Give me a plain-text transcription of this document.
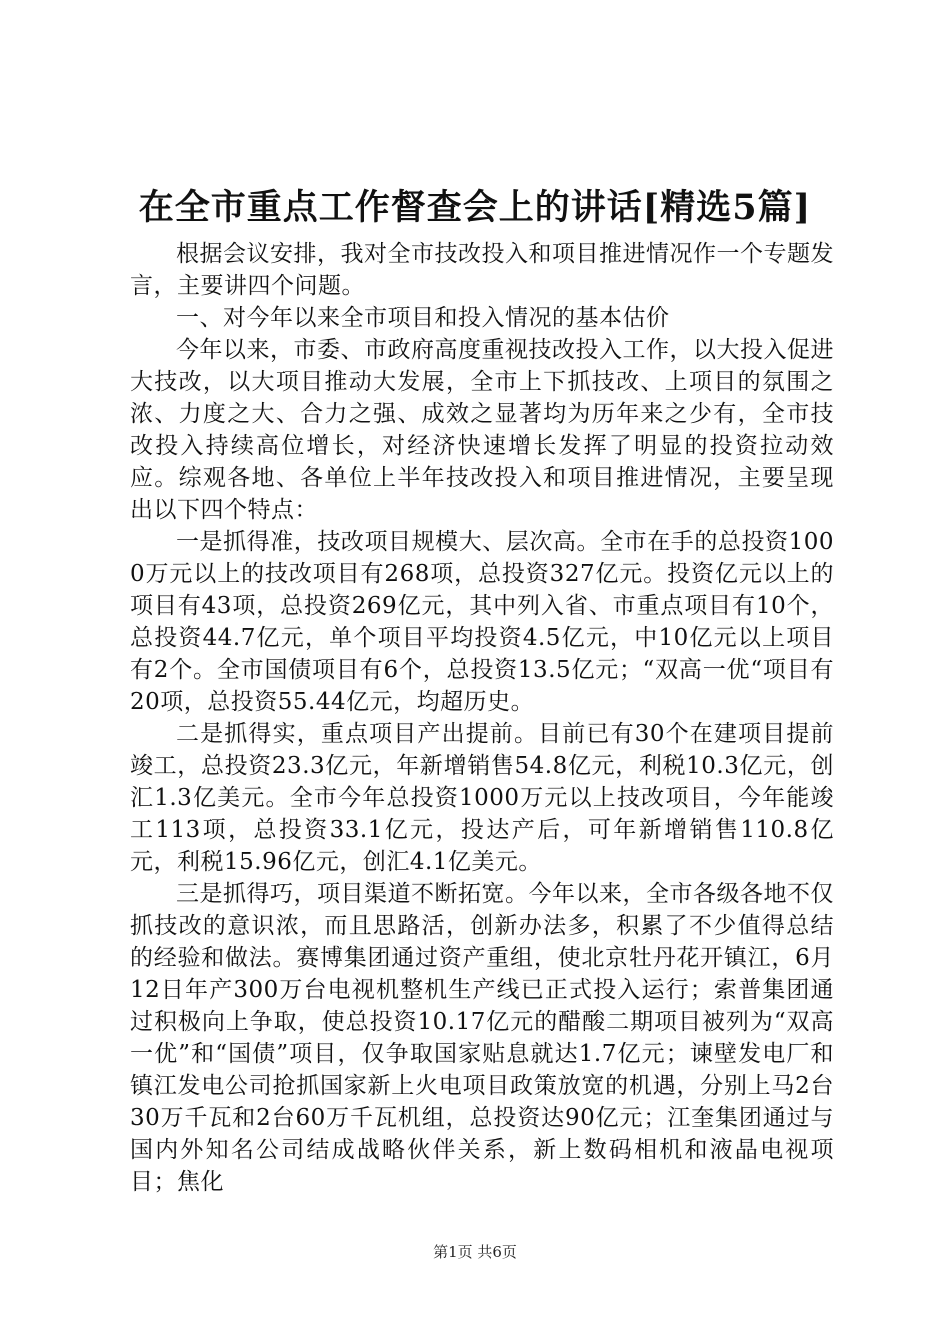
在全市重点工作督查会上的讲话[精选5篇]

根据会议安排，我对全市技改投入和项目推进情况作一个专题发言，主要讲四个问题。

一、对今年以来全市项目和投入情况的基本估价

今年以来，市委、市政府高度重视技改投入工作，以大投入促进大技改，以大项目推动大发展，全市上下抓技改、上项目的氛围之浓、力度之大、合力之强、成效之显著均为历年来之少有，全市技改投入持续高位增长，对经济快速增长发挥了明显的投资拉动效应。综观各地、各单位上半年技改投入和项目推进情况，主要呈现出以下四个特点：

一是抓得准，技改项目规模大、层次高。全市在手的总投资1000万元以上的技改项目有268项，总投资327亿元。投资亿元以上的项目有43项，总投资269亿元，其中列入省、市重点项目有10个，总投资44.7亿元，单个项目平均投资4.5亿元，中10亿元以上项目有2个。全市国债项目有6个，总投资13.5亿元；“双高一优“项目有20项，总投资55.44亿元，均超历史。

二是抓得实，重点项目产出提前。目前已有30个在建项目提前竣工，总投资23.3亿元，年新增销售54.8亿元，利税10.3亿元，创汇1.3亿美元。全市今年总投资1000万元以上技改项目，今年能竣工113项，总投资33.1亿元，投达产后，可年新增销售110.8亿元，利税15.96亿元，创汇4.1亿美元。

三是抓得巧，项目渠道不断拓宽。今年以来，全市各级各地不仅抓技改的意识浓，而且思路活，创新办法多，积累了不少值得总结的经验和做法。赛博集团通过资产重组，使北京牡丹花开镇江，6月12日年产300万台电视机整机生产线已正式投入运行；索普集团通过积极向上争取，使总投资10.17亿元的醋酸二期项目被列为“双高一优”和“国债”项目，仅争取国家贴息就达1.7亿元；谏壁发电厂和镇江发电公司抢抓国家新上火电项目政策放宽的机遇，分别上马2台30万千瓦和2台60万千瓦机组，总投资达90亿元；江奎集团通过与国内外知名公司结成战略伙伴关系，新上数码相机和液晶电视项目；焦化

第1页 共6页
